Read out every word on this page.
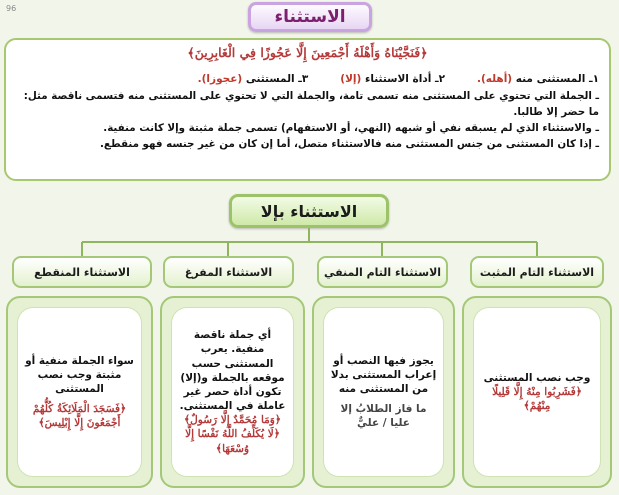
96	الاستثناء
﴿فَنَجَّيْنَاهُ وَأَهْلَهُ أَجْمَعِينَ إِلَّا عَجُوزًا فِي الْغَابِرِينَ﴾
١ـ المستثنى منه (أهله).
٢ـ أداة الاستثناء (إلا)
٣ـ المستثنى (عجوزا).

ـ الجملة التي تحتوي على المستثنى منه تسمى تامة، والجملة التي لا تحتوي على المستثنى منه فتسمى ناقصة مثل:

ما حضر إلا طالبا.

ـ والاستثناء الذي لم يسبقه نفي أو شبهه (النهي، أو الاستفهام) تسمى جملة مثبتة وإلا كانت منفية.

ـ إذا كان المستثنى من جنس المستثنى منه فالاستثناء متصل، أما إن كان من غير جنسه فهو منقطع.

الاستثناء بإلا
الاستثناء التام المثبت
الاستثناء التام المنفي
الاستثناء المفرغ
الاستثناء المنقطع
وجب نصب المستثنى
﴿فَشَرِبُوا مِنْهُ إِلَّا قَلِيلًا مِنْهُمْ﴾
يجوز فيها النصب أو إعراب المستثنى بدلا من المستثنى منه
ما فاز الطلابُ إلا
عليا / عليٌّ
أي جملة ناقصة منفية. يعرب المستثنى حسب موقعه بالجملة و(إلا) تكون أداة حصر غير عاملة في المستثنى.
﴿وَمَا مُحَمَّدٌ إِلَّا رَسُولٌ﴾
﴿لَا يُكَلِّفُ اللَّهُ نَفْسًا إِلَّا وُسْعَهَا﴾
سواء الجملة منفية أو مثبتة وجب نصب المستثنى
﴿فَسَجَدَ الْمَلَائِكَةُ كُلُّهُمْ أَجْمَعُونَ إِلَّا إِبْلِيسَ﴾
